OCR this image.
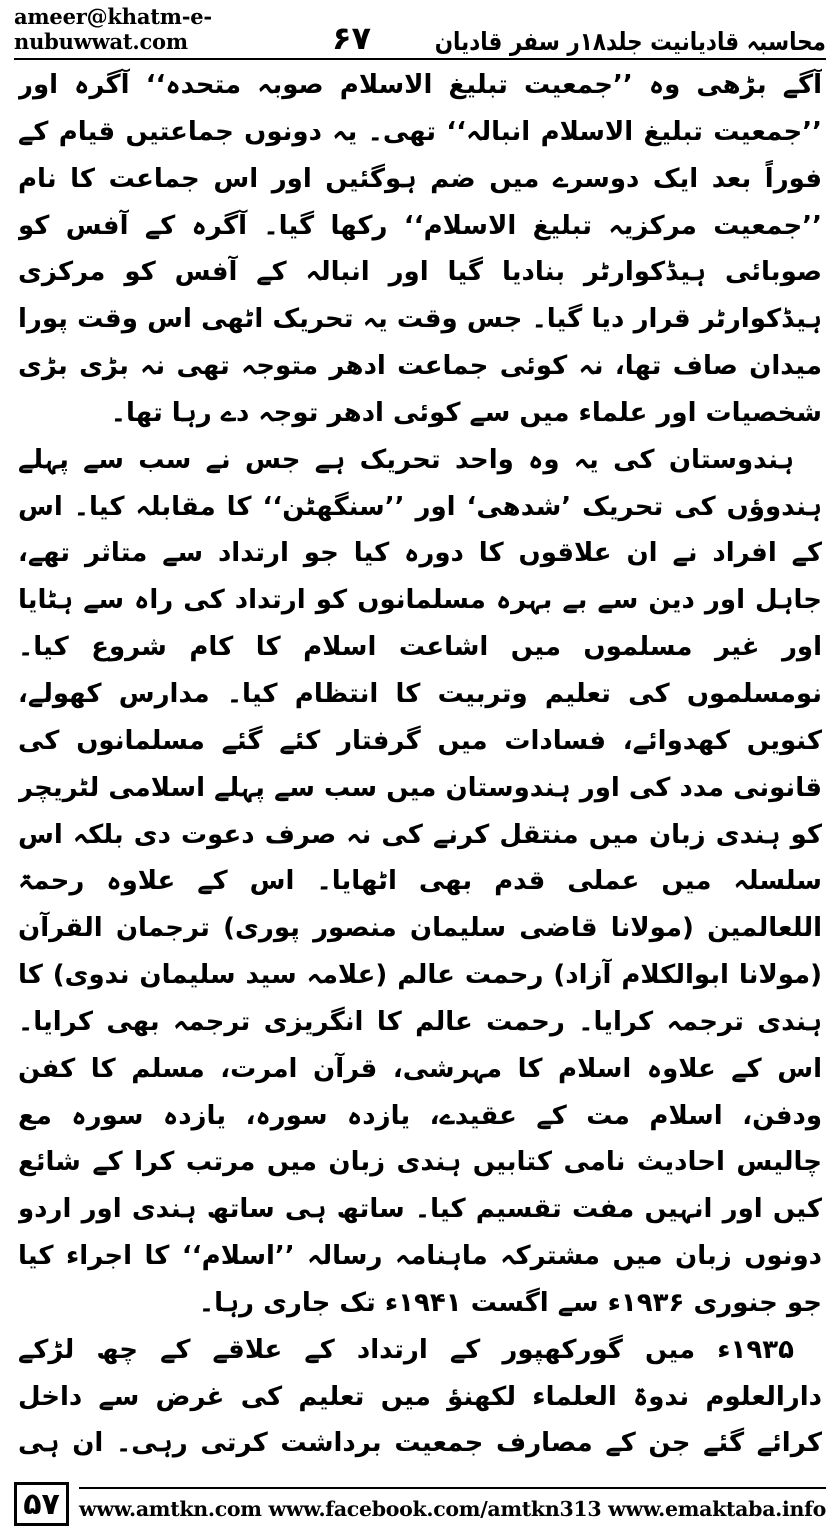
ameer@khatm-e-nubuwwat.com	۶۷	محاسبہ قادیانیت جلد۱۸ر سفر قادیان

آگے بڑھی وہ ’’جمعیت تبلیغ الاسلام صوبہ متحدہ‘‘ آگرہ اور ’’جمعیت تبلیغ الاسلام انبالہ‘‘ تھی۔ یہ دونوں جماعتیں قیام کے فوراً بعد ایک دوسرے میں ضم ہوگئیں اور اس جماعت کا نام ’’جمعیت مرکزیہ تبلیغ الاسلام‘‘ رکھا گیا۔ آگرہ کے آفس کو صوبائی ہیڈکوارٹر بنادیا گیا اور انبالہ کے آفس کو مرکزی ہیڈکوارٹر قرار دیا گیا۔ جس وقت یہ تحریک اٹھی اس وقت پورا میدان صاف تھا، نہ کوئی جماعت ادھر متوجہ تھی نہ بڑی بڑی شخصیات اور علماء میں سے کوئی ادھر توجہ دے رہا تھا۔

ہندوستان کی یہ وہ واحد تحریک ہے جس نے سب سے پہلے ہندوؤں کی تحریک ’شدھی‘ اور ’’سنگھٹن‘‘ کا مقابلہ کیا۔ اس کے افراد نے ان علاقوں کا دورہ کیا جو ارتداد سے متاثر تھے، جاہل اور دین سے بے بہرہ مسلمانوں کو ارتداد کی راہ سے ہٹایا اور غیر مسلموں میں اشاعت اسلام کا کام شروع کیا۔ نومسلموں کی تعلیم وتربیت کا انتظام کیا۔ مدارس کھولے، کنویں کھدوائے، فسادات میں گرفتار کئے گئے مسلمانوں کی قانونی مدد کی اور ہندوستان میں سب سے پہلے اسلامی لٹریچر کو ہندی زبان میں منتقل کرنے کی نہ صرف دعوت دی بلکہ اس سلسلہ میں عملی قدم بھی اٹھایا۔ اس کے علاوہ رحمۃ اللعالمین (مولانا قاضی سلیمان منصور پوری) ترجمان القرآن (مولانا ابوالکلام آزاد) رحمت عالم (علامہ سید سلیمان ندوی) کا ہندی ترجمہ کرایا۔ رحمت عالم کا انگریزی ترجمہ بھی کرایا۔ اس کے علاوہ اسلام کا مہرشی، قرآن امرت، مسلم کا کفن ودفن، اسلام مت کے عقیدے، یازدہ سورہ، یازدہ سورہ مع چالیس احادیث نامی کتابیں ہندی زبان میں مرتب کرا کے شائع کیں اور انہیں مفت تقسیم کیا۔ ساتھ ہی ساتھ ہندی اور اردو دونوں زبان میں مشترکہ ماہنامہ رسالہ ’’اسلام‘‘ کا اجراء کیا جو جنوری ۱۹۳۶ء سے اگست ۱۹۴۱ء تک جاری رہا۔

۱۹۳۵ء میں گورکھپور کے ارتداد کے علاقے کے چھ لڑکے دارالعلوم ندوۃ العلماء لکھنؤ میں تعلیم کی غرض سے داخل کرائے گئے جن کے مصارف جمعیت برداشت کرتی رہی۔ ان ہی

۵۷ www.amtkn.com www.facebook.com/amtkn313 www.emaktaba.info
